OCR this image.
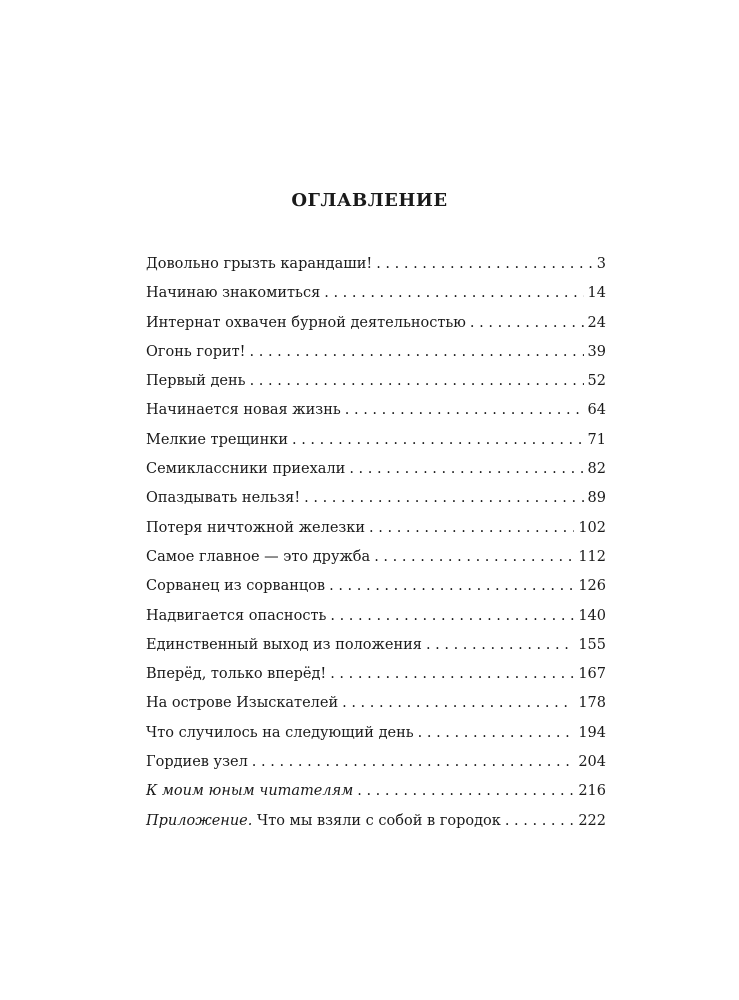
ОГЛАВЛЕНИЕ
Довольно грызть карандаши! . . .	3
Начинаю знакомиться . . .	14
Интернат охвачен бурной деятельностью . . .	24
Огонь горит! . . .	39
Первый день . . .	52
Начинается новая жизнь . . .	64
Мелкие трещинки . . .	71
Семиклассники приехали . . .	82
Опаздывать нельзя! . . .	89
Потеря ничтожной железки . . .	102
Самое главное — это дружба . . .	112
Сорванец из сорванцов . . .	126
Надвигается опасность . . .	140
Единственный выход из положения . . .	155
Вперёд, только вперёд! . . .	167
На острове Изыскателей . . .	178
Что случилось на следующий день . . .	194
Гордиев узел . . .	204
К моим юным читателям . . .	216
Приложение. Что мы взяли с собой в городок . . .	222
